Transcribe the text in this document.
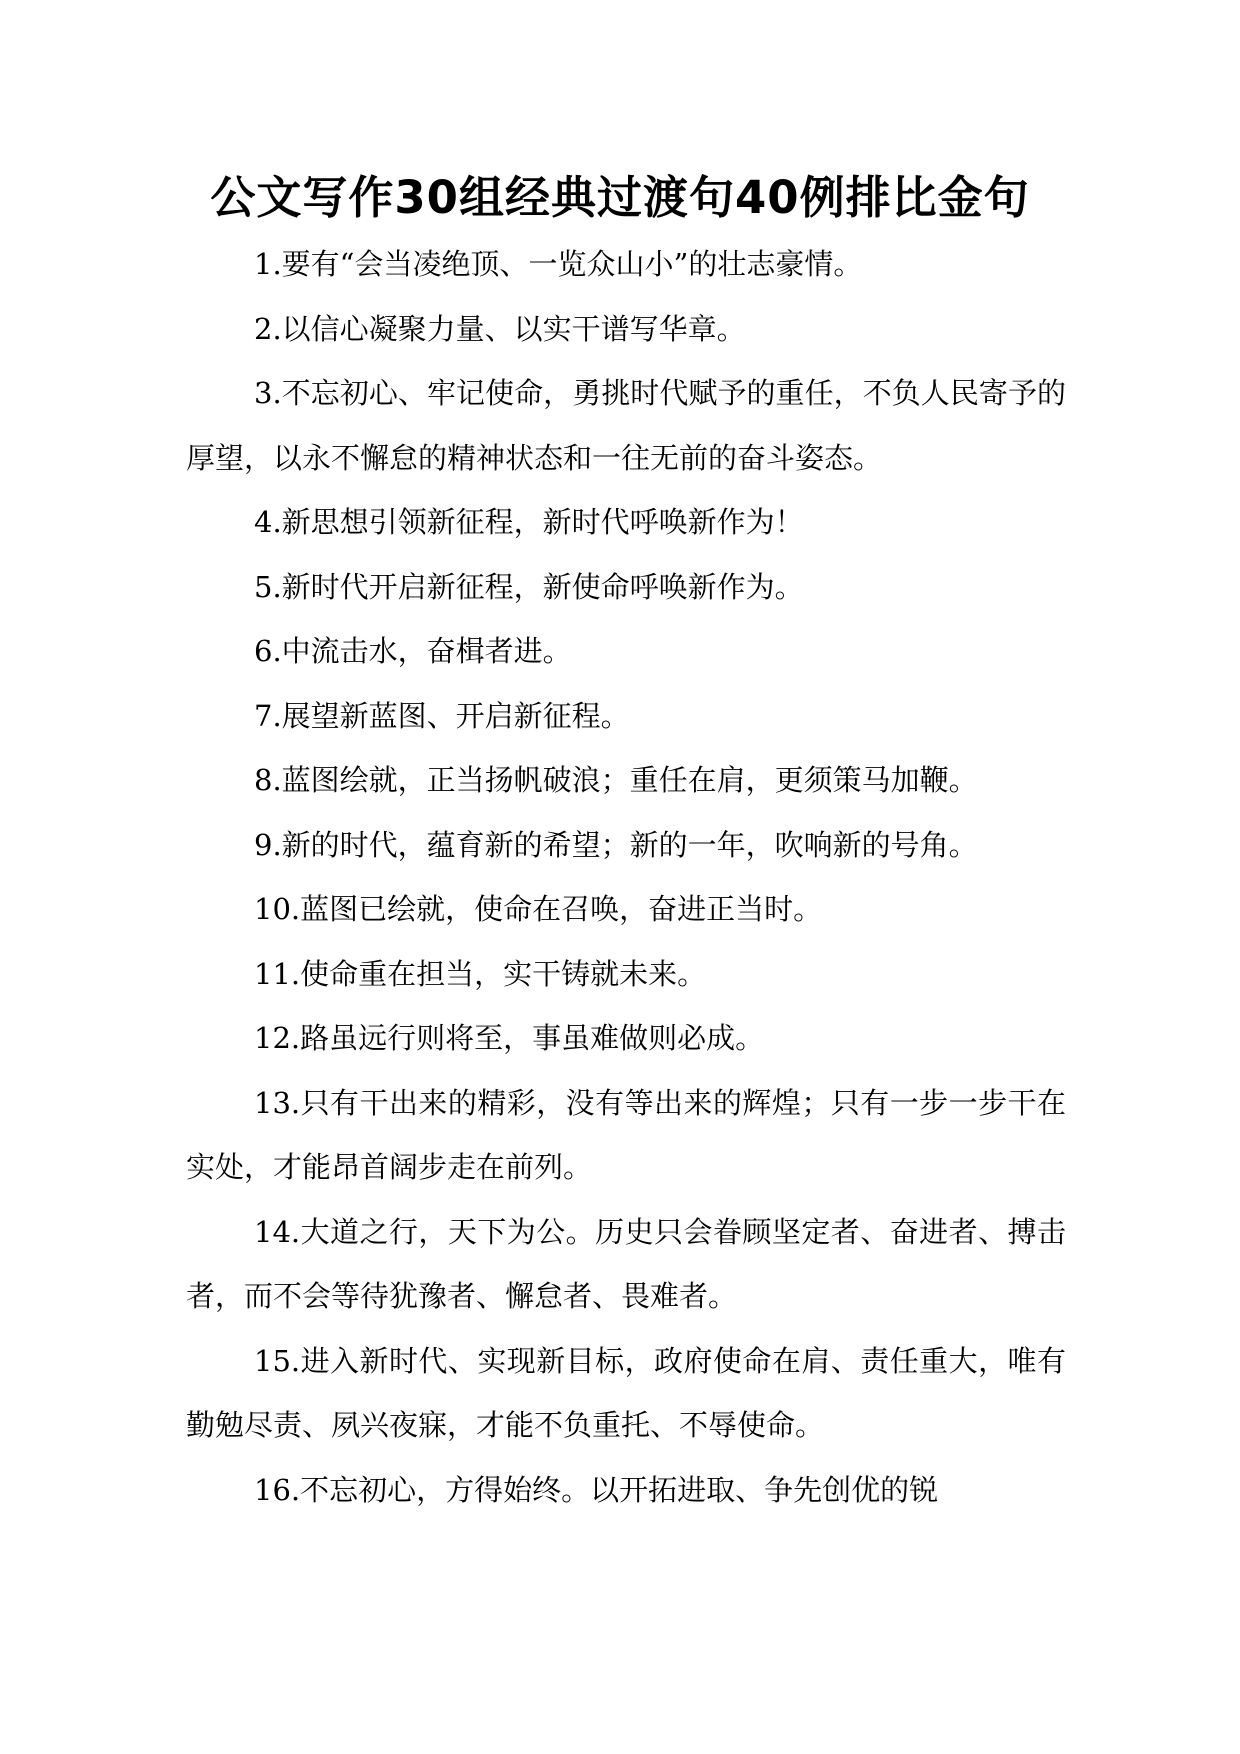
公文写作30组经典过渡句40例排比金句

1.要有“会当凌绝顶、一览众山小”的壮志豪情。

2.以信心凝聚力量、以实干谱写华章。

3.不忘初心、牢记使命，勇挑时代赋予的重任，不负人民寄予的厚望，以永不懈怠的精神状态和一往无前的奋斗姿态。

4.新思想引领新征程，新时代呼唤新作为！

5.新时代开启新征程，新使命呼唤新作为。

6.中流击水，奋楫者进。

7.展望新蓝图、开启新征程。

8.蓝图绘就，正当扬帆破浪；重任在肩，更须策马加鞭。

9.新的时代，蕴育新的希望；新的一年，吹响新的号角。

10.蓝图已绘就，使命在召唤，奋进正当时。

11.使命重在担当，实干铸就未来。

12.路虽远行则将至，事虽难做则必成。

13.只有干出来的精彩，没有等出来的辉煌；只有一步一步干在实处，才能昂首阔步走在前列。

14.大道之行，天下为公。历史只会眷顾坚定者、奋进者、搏击者，而不会等待犹豫者、懈怠者、畏难者。

15.进入新时代、实现新目标，政府使命在肩、责任重大，唯有勤勉尽责、夙兴夜寐，才能不负重托、不辱使命。

16.不忘初心，方得始终。以开拓进取、争先创优的锐
